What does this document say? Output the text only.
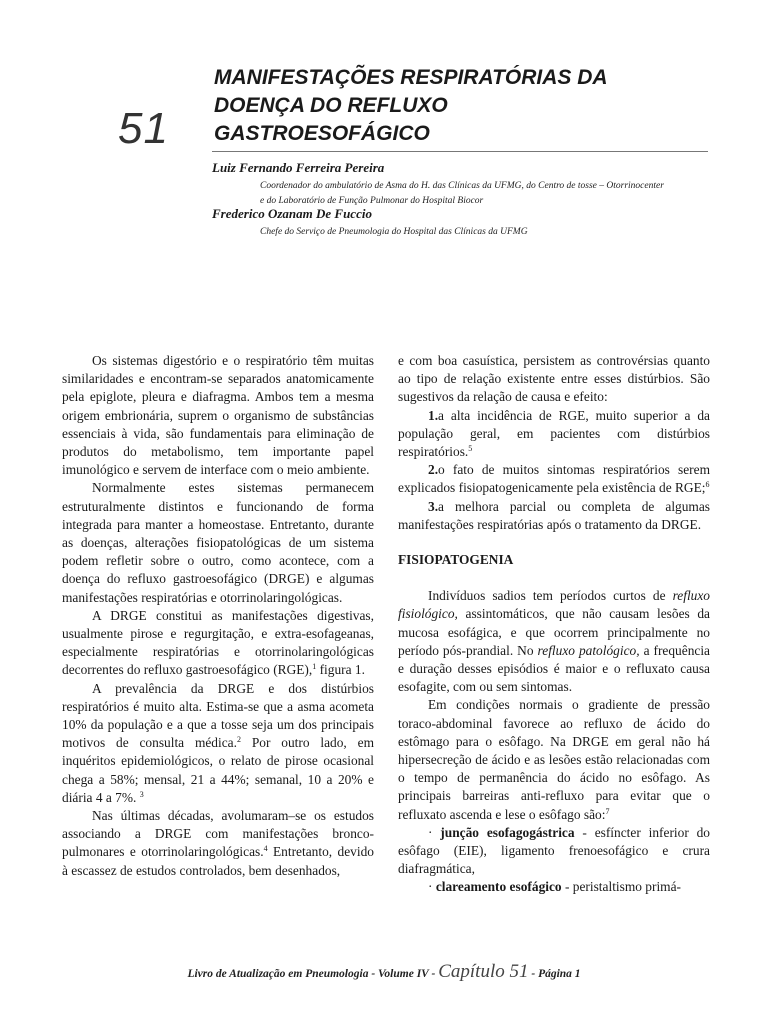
51
MANIFESTAÇÕES RESPIRATÓRIAS DA
DOENÇA DO REFLUXO
GASTROESOFÁGICO
Luiz Fernando Ferreira Pereira
Coordenador do ambulatório de Asma do H. das Clínicas da UFMG, do Centro de tosse – Otorrinocenter
e do Laboratório de Função Pulmonar do Hospital Biocor
Frederico Ozanam De Fuccio
Chefe do Serviço de Pneumologia do Hospital das Clínicas da UFMG

Os sistemas digestório e o respiratório têm muitas similaridades e encontram-se separados anatomicamente pela epiglote, pleura e diafragma. Ambos tem a mesma origem embrionária, suprem o organismo de substâncias essenciais à vida, são fundamentais para eliminação de produtos do metabolismo, tem importante papel imunológico e servem de interface com o meio ambiente.

Normalmente estes sistemas permanecem estruturalmente distintos e funcionando de forma integrada para manter a homeostase. Entretanto, durante as doenças, alterações fisiopatológicas de um sistema podem refletir sobre o outro, como acontece, com a doença do refluxo gastroesofágico (DRGE) e algumas manifestações respiratórias e otorrinolaringológicas.

A DRGE constitui as manifestações digestivas, usualmente pirose e regurgitação, e extra-esofageanas, especialmente respiratórias e otorrinolaringológicas decorrentes do refluxo gastroesofágico (RGE),$^1$ figura 1.

A prevalência da DRGE e dos distúrbios respiratórios é muito alta. Estima-se que a asma acometa 10% da população e a que a tosse seja um dos principais motivos de consulta médica.$^2$ Por outro lado, em inquéritos epidemiológicos, o relato de pirose ocasional chega a 58%; mensal, 21 a 44%; semanal, 10 a 20% e diária 4 a 7%. $^3$

Nas últimas décadas, avolumaram–se os estudos associando a DRGE com manifestações bronco-pulmonares e otorrinolaringológicas.$^4$ Entretanto, devido à escassez de estudos controlados, bem desenhados,

e com boa casuística, persistem as controvérsias quanto ao tipo de relação existente entre esses distúrbios. São sugestivos da relação de causa e efeito:

1.a alta incidência de RGE, muito superior a da população geral, em pacientes com distúrbios respiratórios.$^5$

2.o fato de muitos sintomas respiratórios serem explicados fisiopatogenicamente pela existência de RGE;$^6$

3.a melhora parcial ou completa de algumas manifestações respiratórias após o tratamento da DRGE.

FISIOPATOGENIA

Indivíduos sadios tem períodos curtos de refluxo fisiológico, assintomáticos, que não causam lesões da mucosa esofágica, e que ocorrem principalmente no período pós-prandial. No refluxo patológico, a frequência e duração desses episódios é maior e o refluxato causa esofagite, com ou sem sintomas.

Em condições normais o gradiente de pressão toraco-abdominal favorece ao refluxo de ácido do estômago para o esôfago. Na DRGE em geral não há hipersecreção de ácido e as lesões estão relacionadas com o tempo de permanência do ácido no esôfago. As principais barreiras anti-refluxo para evitar que o refluxato ascenda e lese o esôfago são:$^7$

· junção esofagogástrica - esfíncter inferior do esôfago (EIE), ligamento frenoesofágico e crura diafragmática,

· clareamento esofágico - peristaltismo primá-

Livro de Atualização em Pneumologia - Volume IV - Capítulo 51 - Página 1
